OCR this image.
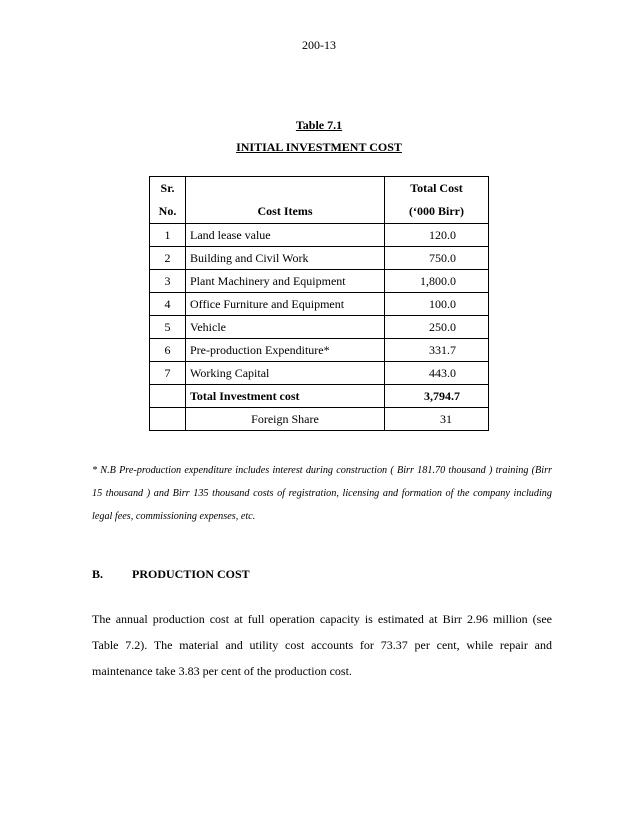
200-13
Table 7.1
INITIAL INVESTMENT COST
Sr.		Total Cost
No.	Cost Items	(‘000 Birr)
1	Land lease value	120.0
2	Building and Civil Work	750.0
3	Plant Machinery and Equipment	1,800.0
4	Office Furniture and Equipment	100.0
5	Vehicle	250.0
6	Pre-production Expenditure*	331.7
7	Working Capital	443.0
	Total Investment cost	3,794.7
	Foreign Share	31
* N.B Pre-production expenditure includes interest during construction ( Birr 181.70 thousand ) training (Birr 15 thousand ) and Birr 135 thousand costs of registration, licensing and formation of the company including legal fees, commissioning expenses, etc.
B. PRODUCTION COST
The annual production cost at full operation capacity is estimated at Birr 2.96 million (see Table 7.2). The material and utility cost accounts for 73.37 per cent, while repair and maintenance take 3.83 per cent of the production cost.
